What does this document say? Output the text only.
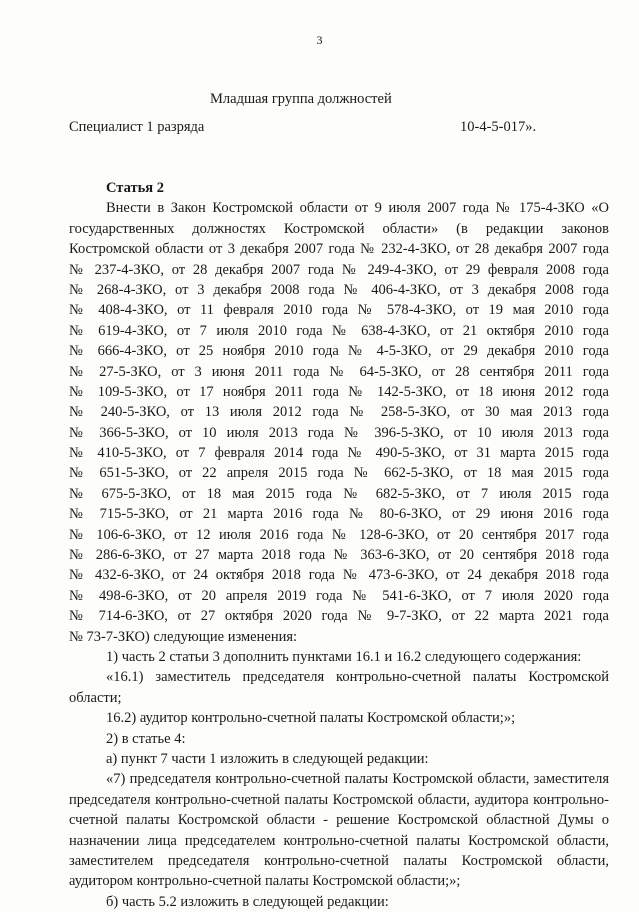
3
Младшая группа должностей
Специалист 1 разряда	10-4-5-017».
Статья 2
Внести в Закон Костромской области от 9 июля 2007 года № 175-4-ЗКО «О
государственных должностях Костромской области» (в редакции законов
Костромской области от 3 декабря 2007 года № 232-4-ЗКО, от 28 декабря 2007 года
№ 237-4-ЗКО, от 28 декабря 2007 года № 249-4-ЗКО, от 29 февраля 2008 года
№ 268-4-ЗКО, от 3 декабря 2008 года № 406-4-ЗКО, от 3 декабря 2008 года
№ 408-4-ЗКО, от 11 февраля 2010 года № 578-4-ЗКО, от 19 мая 2010 года
№ 619-4-ЗКО, от 7 июля 2010 года № 638-4-ЗКО, от 21 октября 2010 года
№ 666-4-ЗКО, от 25 ноября 2010 года № 4-5-ЗКО, от 29 декабря 2010 года
№ 27-5-ЗКО, от 3 июня 2011 года № 64-5-ЗКО, от 28 сентября 2011 года
№ 109-5-ЗКО, от 17 ноября 2011 года № 142-5-ЗКО, от 18 июня 2012 года
№ 240-5-ЗКО, от 13 июля 2012 года № 258-5-ЗКО, от 30 мая 2013 года
№ 366-5-ЗКО, от 10 июля 2013 года № 396-5-ЗКО, от 10 июля 2013 года
№ 410-5-ЗКО, от 7 февраля 2014 года № 490-5-ЗКО, от 31 марта 2015 года
№ 651-5-ЗКО, от 22 апреля 2015 года № 662-5-ЗКО, от 18 мая 2015 года
№ 675-5-ЗКО, от 18 мая 2015 года № 682-5-ЗКО, от 7 июля 2015 года
№ 715-5-ЗКО, от 21 марта 2016 года № 80-6-ЗКО, от 29 июня 2016 года
№ 106-6-ЗКО, от 12 июля 2016 года № 128-6-ЗКО, от 20 сентября 2017 года
№ 286-6-ЗКО, от 27 марта 2018 года № 363-6-ЗКО, от 20 сентября 2018 года
№ 432-6-ЗКО, от 24 октября 2018 года № 473-6-ЗКО, от 24 декабря 2018 года
№ 498-6-ЗКО, от 20 апреля 2019 года № 541-6-ЗКО, от 7 июля 2020 года
№ 714-6-ЗКО, от 27 октября 2020 года № 9-7-ЗКО, от 22 марта 2021 года
№ 73-7-ЗКО) следующие изменения:

1) часть 2 статьи 3 дополнить пунктами 16.1 и 16.2 следующего содержания:

«16.1) заместитель председателя контрольно-счетной палаты Костромской области;

16.2) аудитор контрольно-счетной палаты Костромской области;»;

2) в статье 4:

а) пункт 7 части 1 изложить в следующей редакции:

«7) председателя контрольно-счетной палаты Костромской области, заместителя председателя контрольно-счетной палаты Костромской области, аудитора контрольно-счетной палаты Костромской области - решение Костромской областной Думы о назначении лица председателем контрольно-счетной палаты Костромской области, заместителем председателя контрольно-счетной палаты Костромской области, аудитором контрольно-счетной палаты Костромской области;»;

б) часть 5.2 изложить в следующей редакции:
